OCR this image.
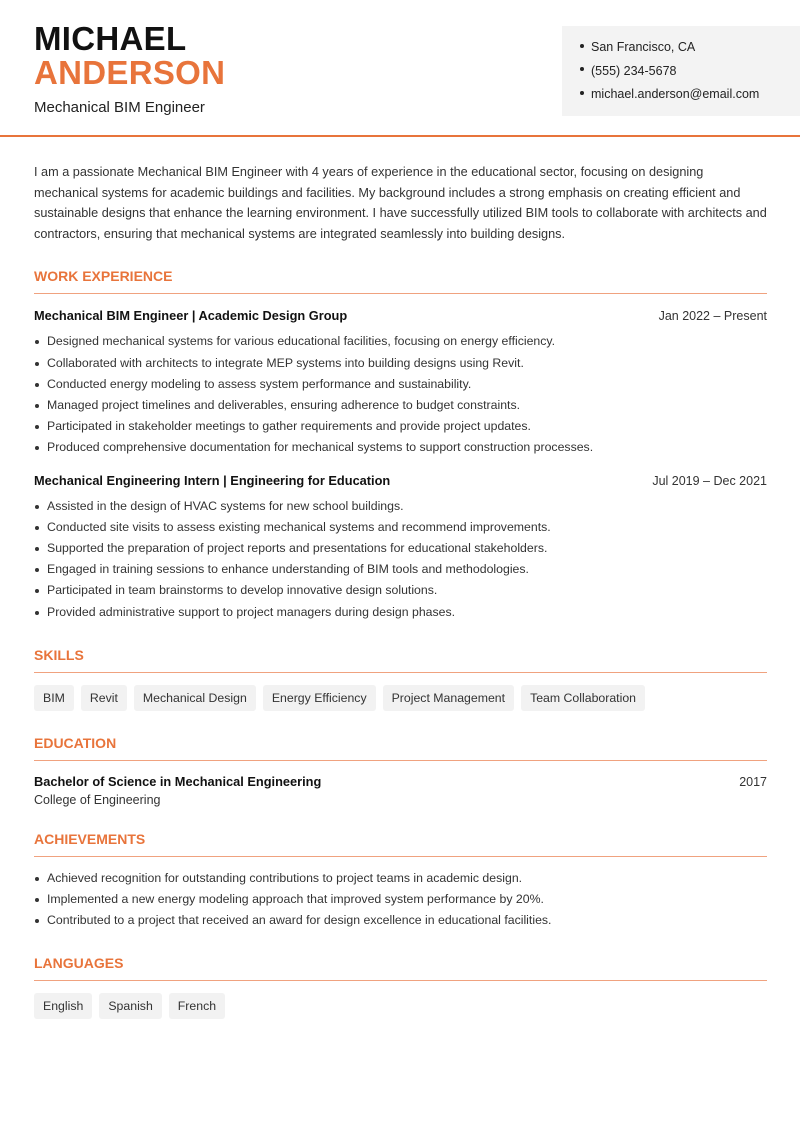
MICHAEL
ANDERSON
Mechanical BIM Engineer
San Francisco, CA
(555) 234-5678
michael.anderson@email.com

I am a passionate Mechanical BIM Engineer with 4 years of experience in the educational sector, focusing on designing mechanical systems for academic buildings and facilities. My background includes a strong emphasis on creating efficient and sustainable designs that enhance the learning environment. I have successfully utilized BIM tools to collaborate with architects and contractors, ensuring that mechanical systems are integrated seamlessly into building designs.

WORK EXPERIENCE
Mechanical BIM Engineer | Academic Design Group	Jan 2022 – Present
Designed mechanical systems for various educational facilities, focusing on energy efficiency.
Collaborated with architects to integrate MEP systems into building designs using Revit.
Conducted energy modeling to assess system performance and sustainability.
Managed project timelines and deliverables, ensuring adherence to budget constraints.
Participated in stakeholder meetings to gather requirements and provide project updates.
Produced comprehensive documentation for mechanical systems to support construction processes.
Mechanical Engineering Intern | Engineering for Education	Jul 2019 – Dec 2021
Assisted in the design of HVAC systems for new school buildings.
Conducted site visits to assess existing mechanical systems and recommend improvements.
Supported the preparation of project reports and presentations for educational stakeholders.
Engaged in training sessions to enhance understanding of BIM tools and methodologies.
Participated in team brainstorms to develop innovative design solutions.
Provided administrative support to project managers during design phases.
SKILLS
BIM	Revit	Mechanical Design	Energy Efficiency	Project Management	Team Collaboration
EDUCATION
Bachelor of Science in Mechanical Engineering	2017
College of Engineering
ACHIEVEMENTS
Achieved recognition for outstanding contributions to project teams in academic design.
Implemented a new energy modeling approach that improved system performance by 20%.
Contributed to a project that received an award for design excellence in educational facilities.
LANGUAGES
English	Spanish	French
